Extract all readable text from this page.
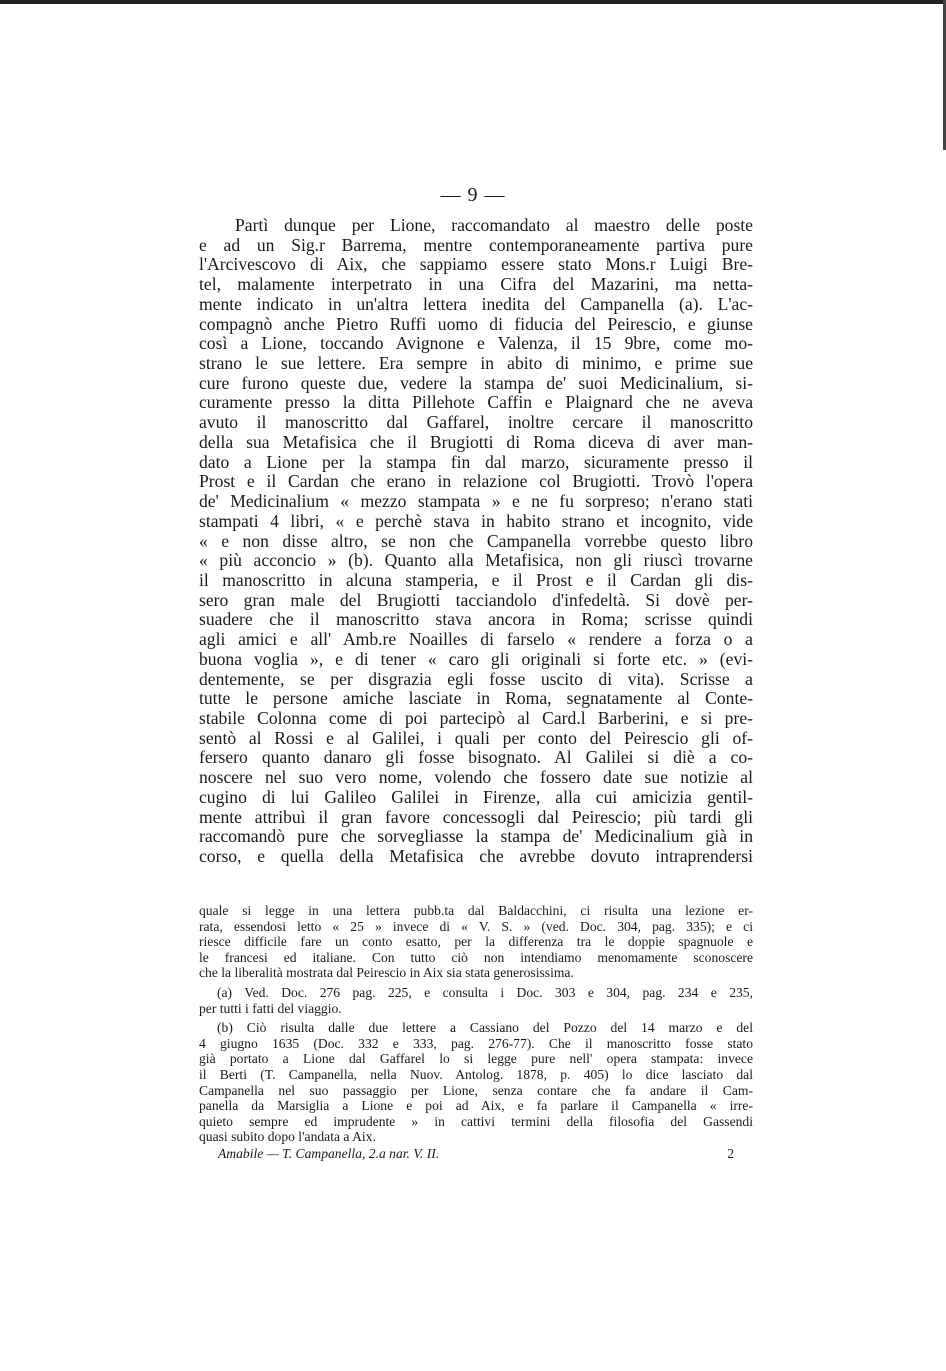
— 9 —
Partì dunque per Lione, raccomandato al maestro delle poste
e ad un Sig.r Barrema, mentre contemporaneamente partiva pure
l'Arcivescovo di Aix, che sappiamo essere stato Mons.r Luigi Bre-
tel, malamente interpetrato in una Cifra del Mazarini, ma netta-
mente indicato in un'altra lettera inedita del Campanella (a). L'ac-
compagnò anche Pietro Ruffi uomo di fiducia del Peirescio, e giunse
così a Lione, toccando Avignone e Valenza, il 15 9bre, come mo-
strano le sue lettere. Era sempre in abito di minimo, e prime sue
cure furono queste due, vedere la stampa de' suoi Medicinalium, si-
curamente presso la ditta Pillehote Caffin e Plaignard che ne aveva
avuto il manoscritto dal Gaffarel, inoltre cercare il manoscritto
della sua Metafisica che il Brugiotti di Roma diceva di aver man-
dato a Lione per la stampa fin dal marzo, sicuramente presso il
Prost e il Cardan che erano in relazione col Brugiotti. Trovò l'opera
de' Medicinalium « mezzo stampata » e ne fu sorpreso; n'erano stati
stampati 4 libri, « e perchè stava in habito strano et incognito, vide
« e non disse altro, se non che Campanella vorrebbe questo libro
« più acconcio » (b). Quanto alla Metafisica, non gli riuscì trovarne
il manoscritto in alcuna stamperia, e il Prost e il Cardan gli dis-
sero gran male del Brugiotti tacciandolo d'infedeltà. Si dovè per-
suadere che il manoscritto stava ancora in Roma; scrisse quindi
agli amici e all' Amb.re Noailles di farselo « rendere a forza o a
buona voglia », e di tener « caro gli originali si forte etc. » (evi-
dentemente, se per disgrazia egli fosse uscito di vita). Scrisse a
tutte le persone amiche lasciate in Roma, segnatamente al Conte-
stabile Colonna come di poi partecipò al Card.l Barberini, e si pre-
sentò al Rossi e al Galilei, i quali per conto del Peirescio gli of-
fersero quanto danaro gli fosse bisognato. Al Galilei si diè a co-
noscere nel suo vero nome, volendo che fossero date sue notizie al
cugino di lui Galileo Galilei in Firenze, alla cui amicizia gentil-
mente attribuì il gran favore concessogli dal Peirescio; più tardi gli
raccomandò pure che sorvegliasse la stampa de' Medicinalium già in
corso, e quella della Metafisica che avrebbe dovuto intraprendersi
quale si legge in una lettera pubb.ta dal Baldacchini, ci risulta una lezione er-
rata, essendosi letto « 25 » invece di « V. S. » (ved. Doc. 304, pag. 335); e ci
riesce difficile fare un conto esatto, per la differenza tra le doppie spagnuole e
le francesi ed italiane. Con tutto ciò non intendiamo menomamente sconoscere
che la liberalità mostrata dal Peirescio in Aix sia stata generosissima.
(a) Ved. Doc. 276 pag. 225, e consulta i Doc. 303 e 304, pag. 234 e 235,
per tutti i fatti del viaggio.
(b) Ciò risulta dalle due lettere a Cassiano del Pozzo del 14 marzo e del
4 giugno 1635 (Doc. 332 e 333, pag. 276-77). Che il manoscritto fosse stato
già portato a Lione dal Gaffarel lo si legge pure nell' opera stampata: invece
il Berti (T. Campanella, nella Nuov. Antolog. 1878, p. 405) lo dice lasciato dal
Campanella nel suo passaggio per Lione, senza contare che fa andare il Cam-
panella da Marsiglia a Lione e poi ad Aix, e fa parlare il Campanella « irre-
quieto sempre ed imprudente » in cattivi termini della filosofia del Gassendi
quasi subito dopo l'andata a Aix.
Amabile — T. Campanella, 2.a nar. V. II.	2
